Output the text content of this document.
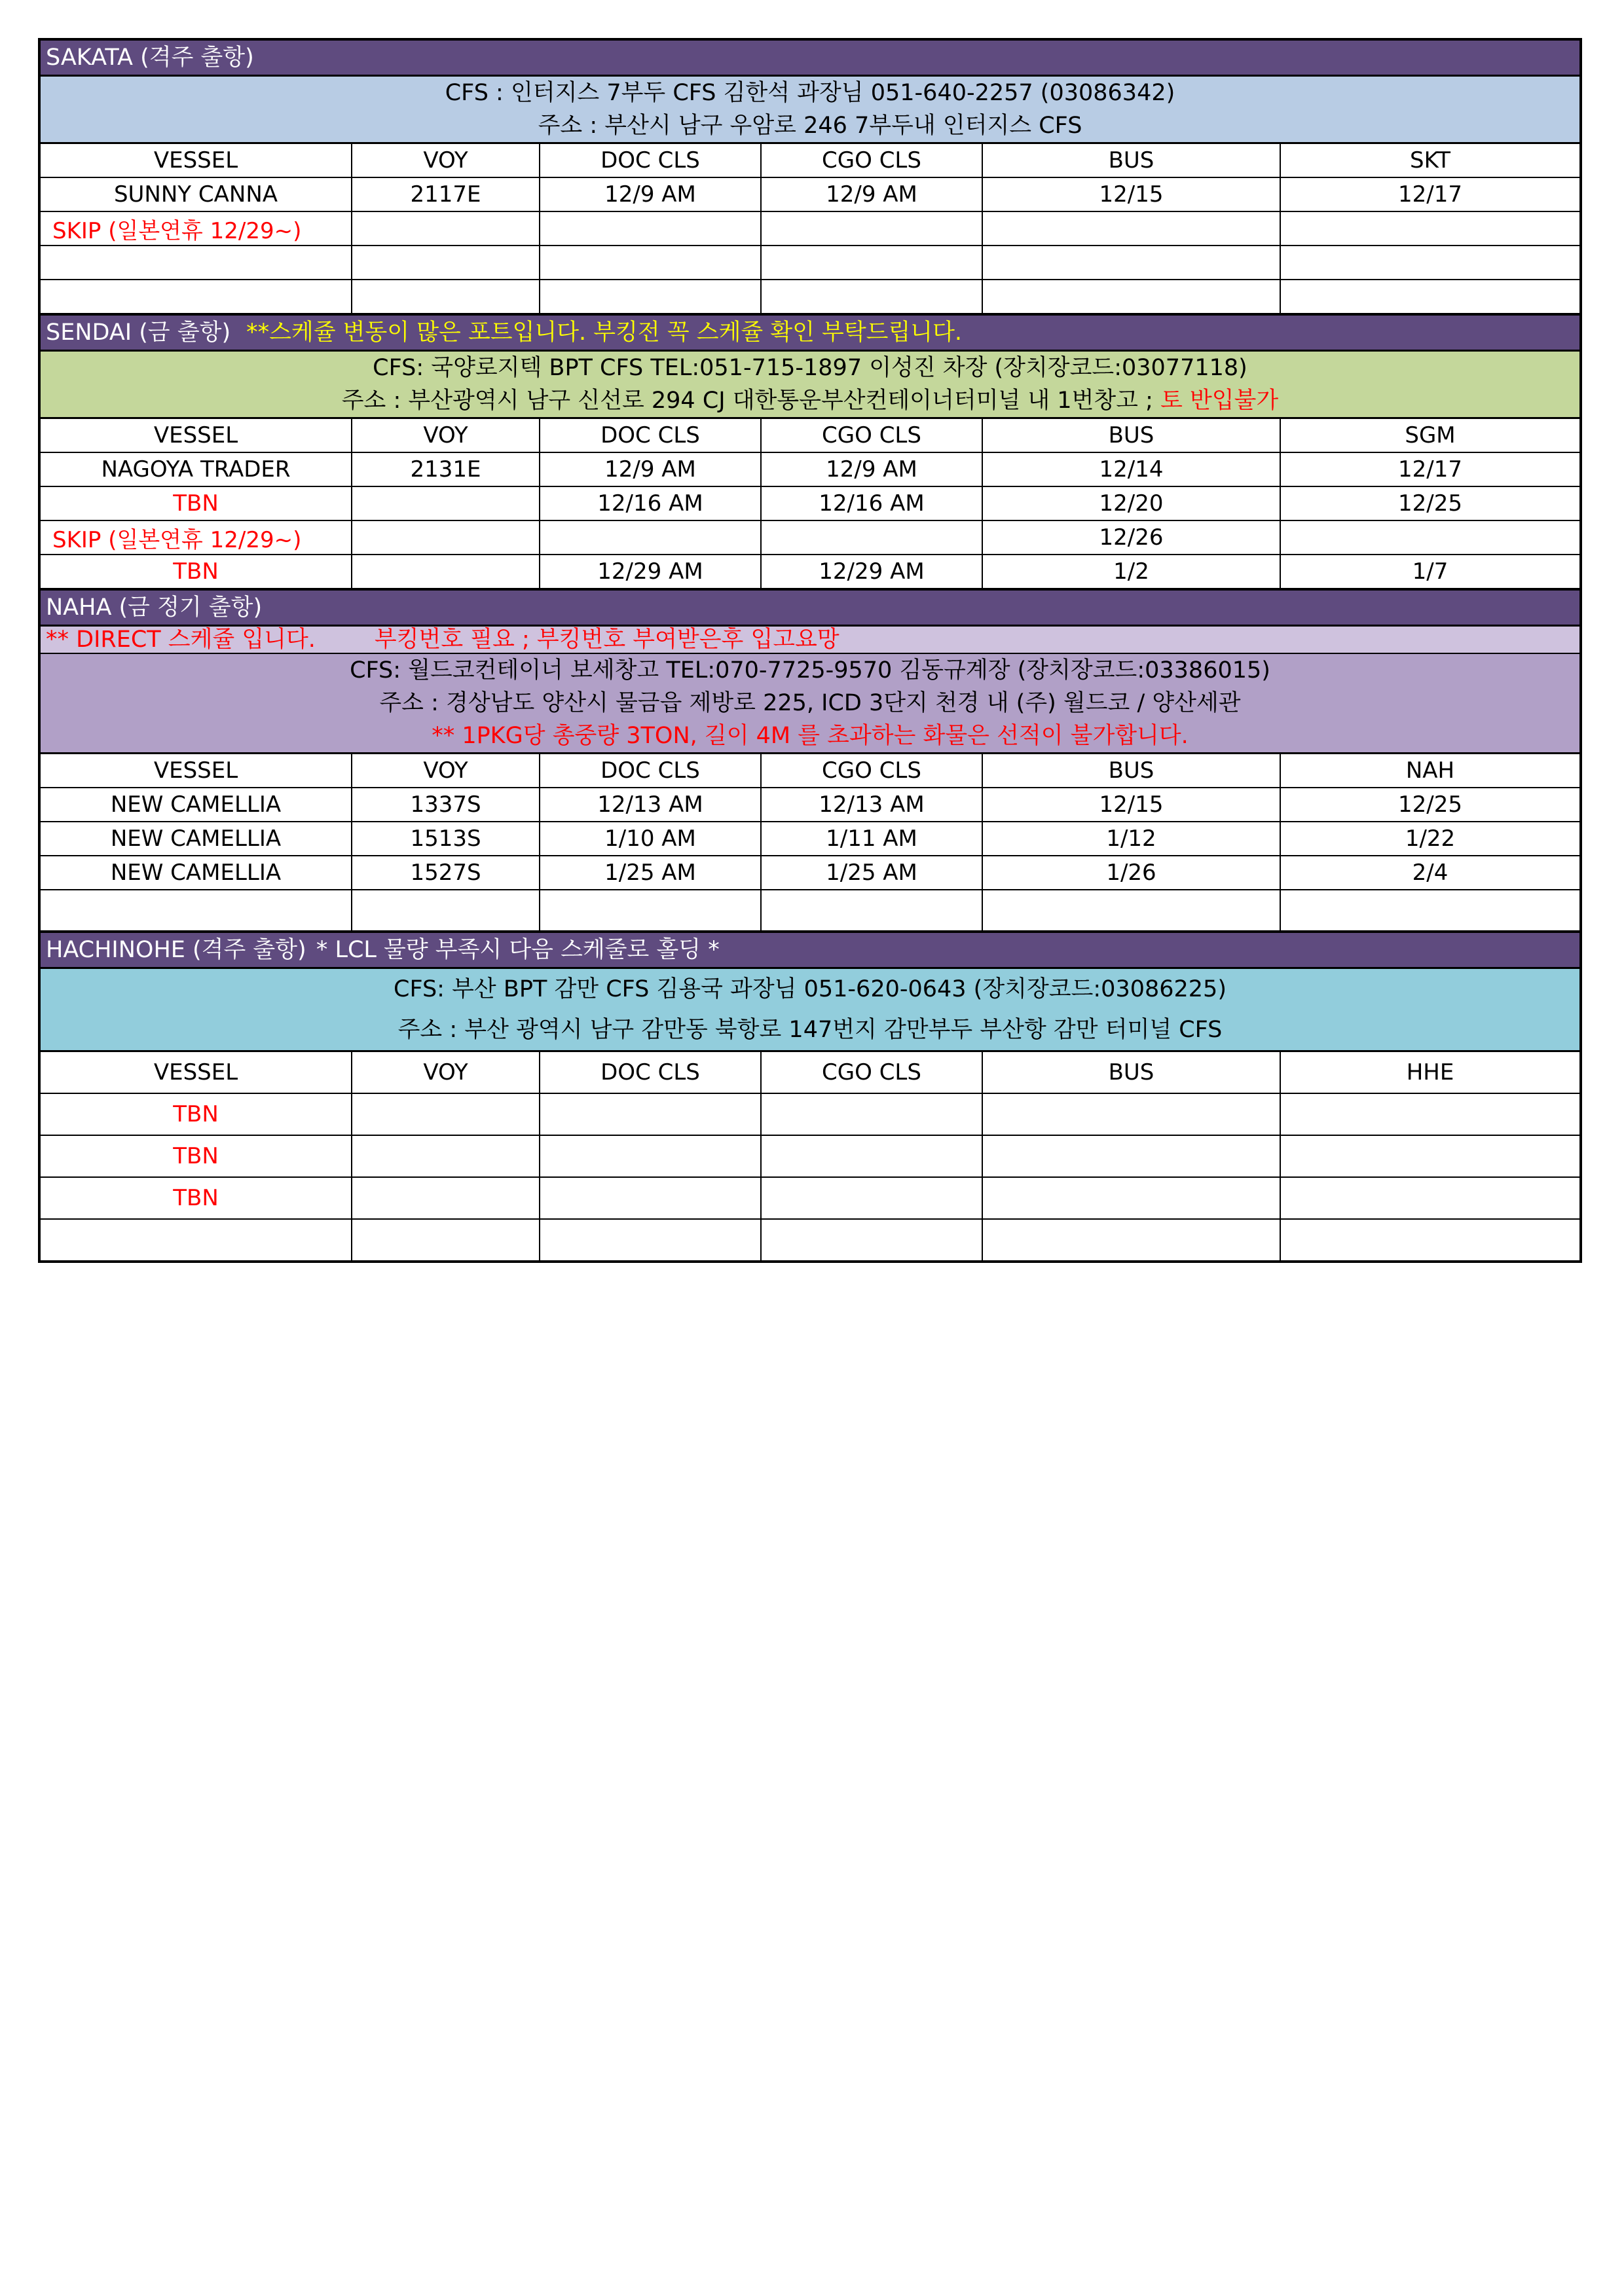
SAKATA (격주 출항)
CFS : 인터지스 7부두 CFS 김한석 과장님 051-640-2257 (03086342)
주소 : 부산시 남구 우암로 246 7부두내 인터지스 CFS
VESSEL	VOY	DOC CLS	CGO CLS	BUS	SKT
SUNNY CANNA	2117E	12/9 AM	12/9 AM	12/15	12/17
SKIP (일본연휴 12/29~)					

SENDAI (금 출항) **스케쥴 변동이 많은 포트입니다. 부킹전 꼭 스케쥴 확인 부탁드립니다.
CFS: 국양로지텍 BPT CFS TEL:051-715-1897 이성진 차장 (장치장코드:03077118)
주소 : 부산광역시 남구 신선로 294 CJ 대한통운부산컨테이너터미널 내 1번창고 ; 토 반입불가
VESSEL	VOY	DOC CLS	CGO CLS	BUS	SGM
NAGOYA TRADER	2131E	12/9 AM	12/9 AM	12/14	12/17
TBN		12/16 AM	12/16 AM	12/20	12/25
SKIP (일본연휴 12/29~)				12/26	
TBN		12/29 AM	12/29 AM	1/2	1/7
NAHA (금 정기 출항)
** DIRECT 스케쥴 입니다.	부킹번호 필요 ; 부킹번호 부여받은후 입고요망
CFS: 월드코컨테이너 보세창고 TEL:070-7725-9570 김동규계장 (장치장코드:03386015)
주소 : 경상남도 양산시 물금읍 제방로 225, ICD 3단지 천경 내 (주) 월드코 / 양산세관
** 1PKG당 총중량 3TON, 길이 4M 를 초과하는 화물은 선적이 불가합니다.
VESSEL	VOY	DOC CLS	CGO CLS	BUS	NAH
NEW CAMELLIA	1337S	12/13 AM	12/13 AM	12/15	12/25
NEW CAMELLIA	1513S	1/10 AM	1/11 AM	1/12	1/22
NEW CAMELLIA	1527S	1/25 AM	1/25 AM	1/26	2/4

HACHINOHE (격주 출항) * LCL 물량 부족시 다음 스케줄로 홀딩 *
CFS: 부산 BPT 감만 CFS 김용국 과장님 051-620-0643 (장치장코드:03086225)
주소 : 부산 광역시 남구 감만동 북항로 147번지 감만부두 부산항 감만 터미널 CFS
VESSEL	VOY	DOC CLS	CGO CLS	BUS	HHE
TBN					
TBN					
TBN					
